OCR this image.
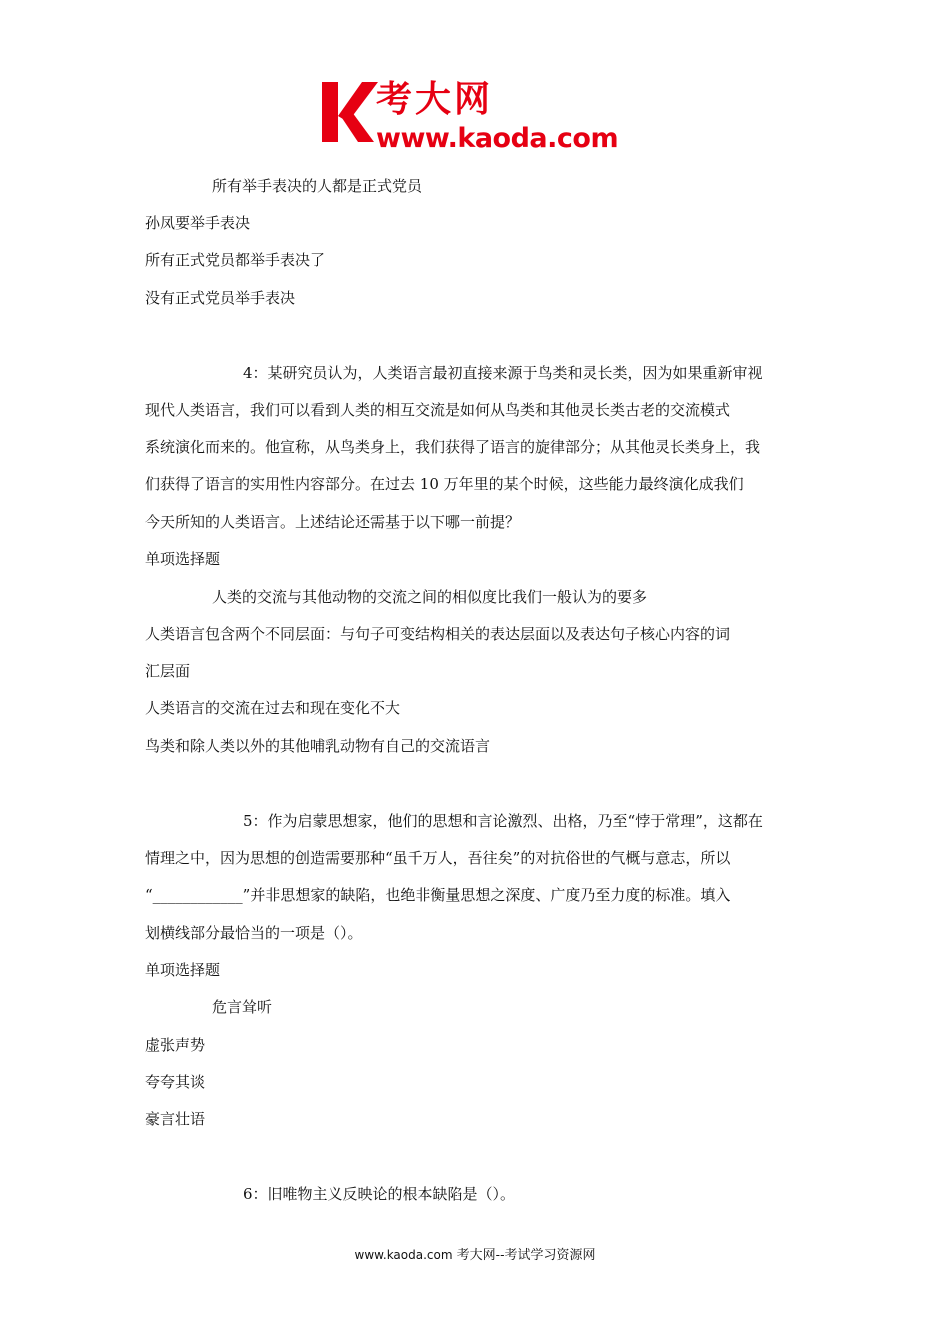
考大网
www.kaoda.com
所有举手表决的人都是正式党员
孙凤要举手表决
所有正式党员都举手表决了
没有正式党员举手表决
4：某研究员认为，人类语言最初直接来源于鸟类和灵长类，因为如果重新审视
现代人类语言，我们可以看到人类的相互交流是如何从鸟类和其他灵长类古老的交流模式
系统演化而来的。他宣称，从鸟类身上，我们获得了语言的旋律部分；从其他灵长类身上，我
们获得了语言的实用性内容部分。在过去 10 万年里的某个时候，这些能力最终演化成我们
今天所知的人类语言。上述结论还需基于以下哪一前提？
单项选择题
人类的交流与其他动物的交流之间的相似度比我们一般认为的要多
人类语言包含两个不同层面：与句子可变结构相关的表达层面以及表达句子核心内容的词
汇层面
人类语言的交流在过去和现在变化不大
鸟类和除人类以外的其他哺乳动物有自己的交流语言
5：作为启蒙思想家，他们的思想和言论激烈、出格，乃至“悖于常理”，这都在
情理之中，因为思想的创造需要那种“虽千万人，吾往矣”的对抗俗世的气概与意志，所以
“____________”并非思想家的缺陷，也绝非衡量思想之深度、广度乃至力度的标准。填入
划横线部分最恰当的一项是（）。
单项选择题
危言耸听
虚张声势
夸夸其谈
豪言壮语
6：旧唯物主义反映论的根本缺陷是（）。
www.kaoda.com 考大网--考试学习资源网
